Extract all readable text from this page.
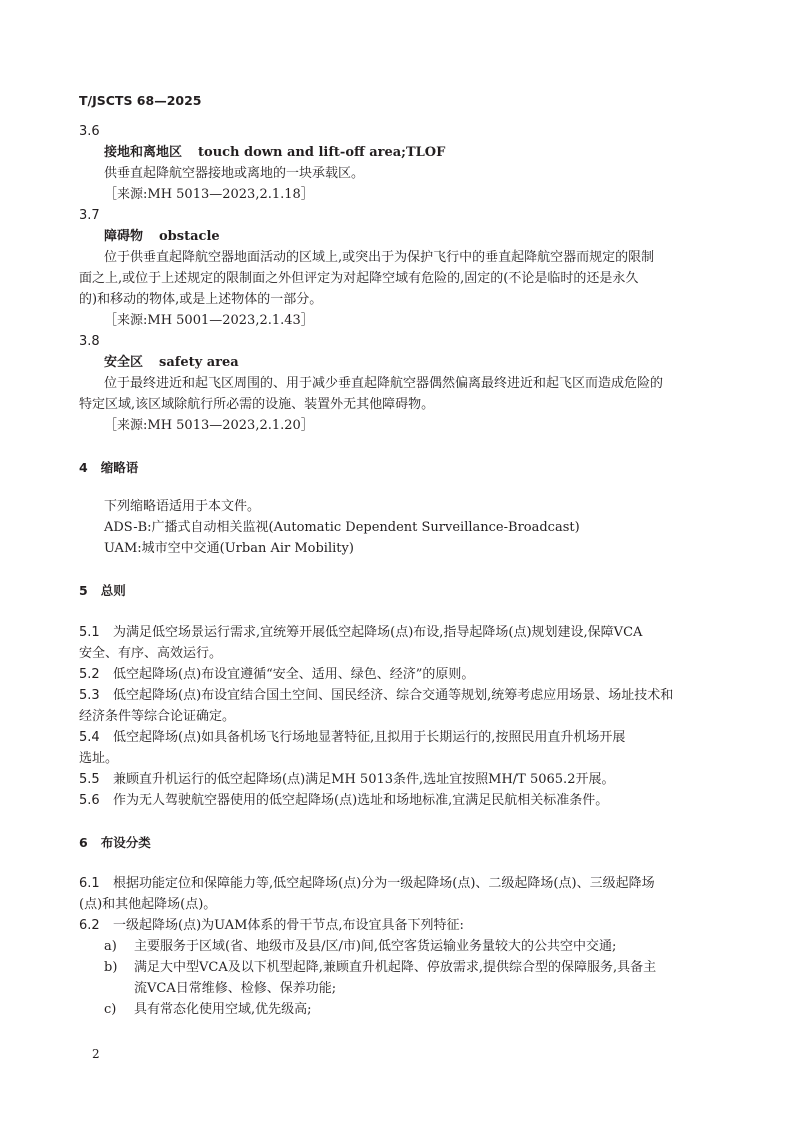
T/JSCTS 68—2025
3.6
接地和离地区 touch down and lift-off area;TLOF
供垂直起降航空器接地或离地的一块承载区。
［来源:MH 5013—2023,2.1.18］
3.7
障碍物 obstacle
位于供垂直起降航空器地面活动的区域上,或突出于为保护飞行中的垂直起降航空器而规定的限制
面之上,或位于上述规定的限制面之外但评定为对起降空域有危险的,固定的(不论是临时的还是永久
的)和移动的物体,或是上述物体的一部分。
［来源:MH 5001—2023,2.1.43］
3.8
安全区 safety area
位于最终进近和起飞区周围的、用于减少垂直起降航空器偶然偏离最终进近和起飞区而造成危险的
特定区域,该区域除航行所必需的设施、装置外无其他障碍物。
［来源:MH 5013—2023,2.1.20］
4 缩略语
下列缩略语适用于本文件。
ADS-B:广播式自动相关监视(Automatic Dependent Surveillance-Broadcast)
UAM:城市空中交通(Urban Air Mobility)
5 总则
5.1 为满足低空场景运行需求,宜统筹开展低空起降场(点)布设,指导起降场(点)规划建设,保障VCA
安全、有序、高效运行。
5.2 低空起降场(点)布设宜遵循“安全、适用、绿色、经济”的原则。
5.3 低空起降场(点)布设宜结合国土空间、国民经济、综合交通等规划,统筹考虑应用场景、场址技术和
经济条件等综合论证确定。
5.4 低空起降场(点)如具备机场飞行场地显著特征,且拟用于长期运行的,按照民用直升机场开展
选址。
5.5 兼顾直升机运行的低空起降场(点)满足MH 5013条件,选址宜按照MH/T 5065.2开展。
5.6 作为无人驾驶航空器使用的低空起降场(点)选址和场地标准,宜满足民航相关标准条件。
6 布设分类
6.1 根据功能定位和保障能力等,低空起降场(点)分为一级起降场(点)、二级起降场(点)、三级起降场
(点)和其他起降场(点)。
6.2 一级起降场(点)为UAM体系的骨干节点,布设宜具备下列特征:
a) 主要服务于区域(省、地级市及县/区/市)间,低空客货运输业务量较大的公共空中交通;
b) 满足大中型VCA及以下机型起降,兼顾直升机起降、停放需求,提供综合型的保障服务,具备主
流VCA日常维修、检修、保养功能;
c) 具有常态化使用空域,优先级高;
2
